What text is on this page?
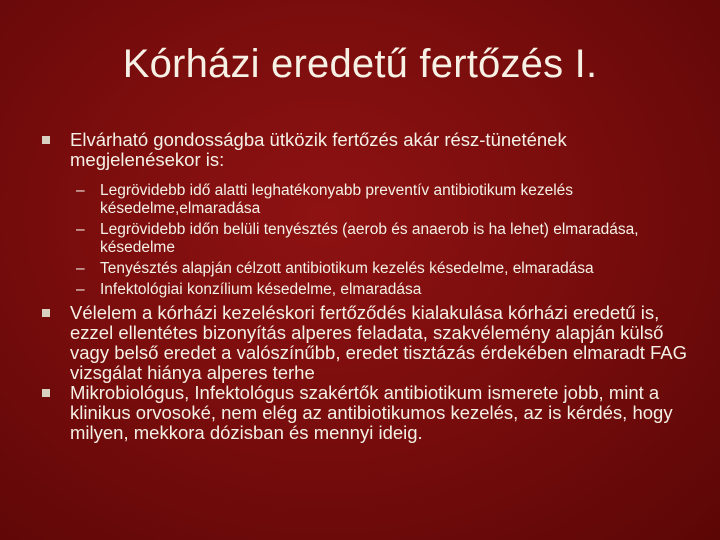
Kórházi eredetű fertőzés I.
Elvárható gondosságba ütközik fertőzés akár rész-tünetének megjelenésekor is:
– Legrövidebb idő alatti leghatékonyabb preventív antibiotikum kezelés késedelme,elmaradása
– Legrövidebb időn belüli tenyésztés (aerob és anaerob is ha lehet) elmaradása, késedelme
– Tenyésztés alapján célzott antibiotikum kezelés késedelme, elmaradása
– Infektológiai konzílium késedelme, elmaradása
Vélelem a kórházi kezeléskori fertőződés kialakulása kórházi eredetű is, ezzel ellentétes bizonyítás alperes feladata, szakvélemény alapján külső vagy belső eredet a valószínűbb, eredet tisztázás érdekében elmaradt FAG vizsgálat hiánya alperes terhe
Mikrobiológus, Infektológus szakértők antibiotikum ismerete jobb, mint a klinikus orvosoké, nem elég az antibiotikumos kezelés, az is kérdés, hogy milyen, mekkora dózisban és mennyi ideig.
